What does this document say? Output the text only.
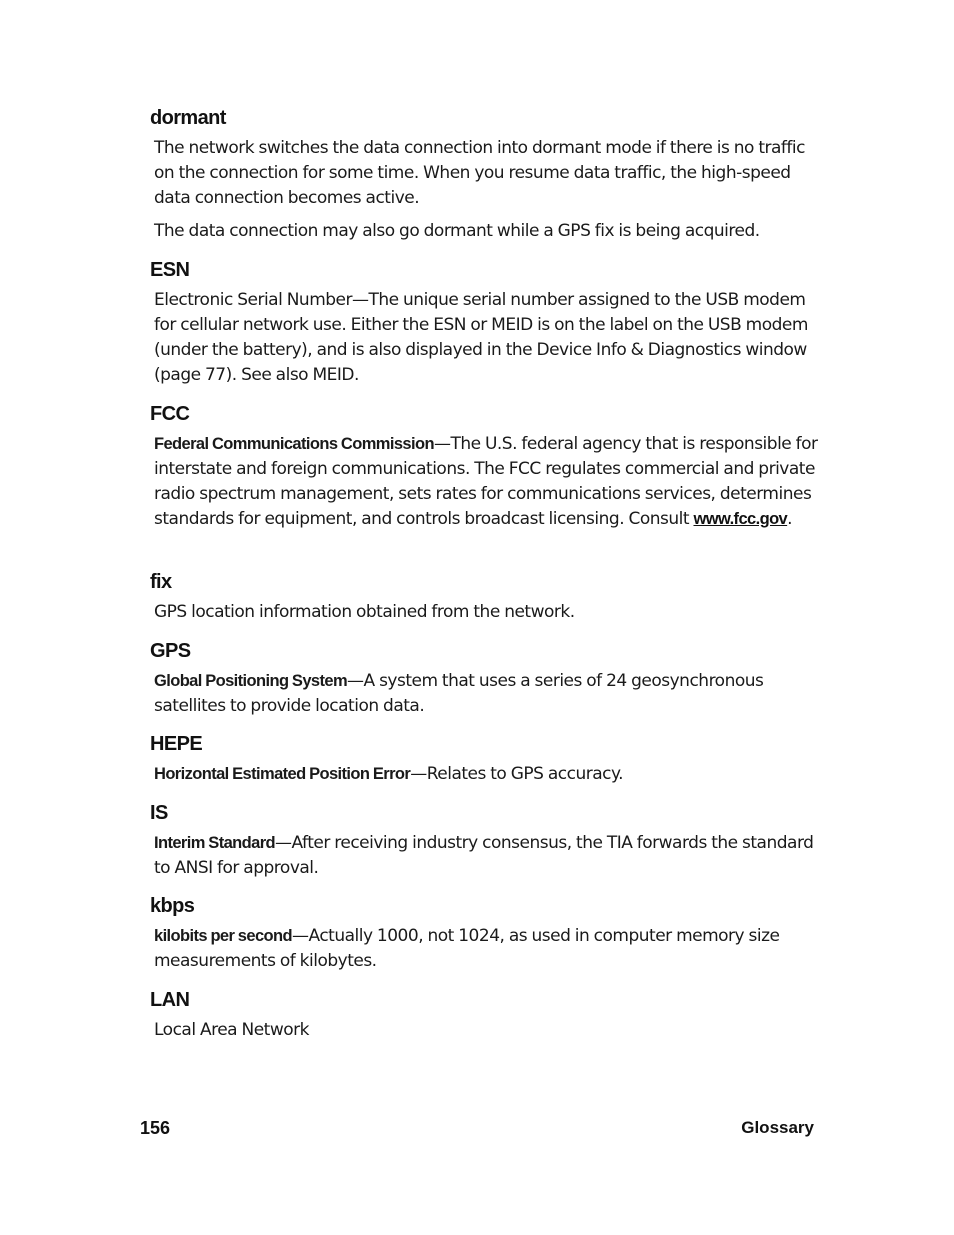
dormant

The network switches the data connection into dormant mode if there is no traffic on the connection for some time. When you resume data traffic, the high-speed data connection becomes active.

The data connection may also go dormant while a GPS fix is being acquired.

ESN

Electronic Serial Number—The unique serial number assigned to the USB modem for cellular network use. Either the ESN or MEID is on the label on the USB modem (under the battery), and is also displayed in the Device Info & Diagnostics window (page 77). See also MEID.

FCC

Federal Communications Commission—The U.S. federal agency that is responsible for interstate and foreign communications. The FCC regulates commercial and private radio spectrum management, sets rates for communications services, determines standards for equipment, and controls broadcast licensing. Consult www.fcc.gov.

fix

GPS location information obtained from the network.

GPS

Global Positioning System—A system that uses a series of 24 geosynchronous satellites to provide location data.

HEPE

Horizontal Estimated Position Error—Relates to GPS accuracy.

IS

Interim Standard—After receiving industry consensus, the TIA forwards the standard to ANSI for approval.

kbps

kilobits per second—Actually 1000, not 1024, as used in computer memory size measurements of kilobytes.

LAN

Local Area Network

156	Glossary
